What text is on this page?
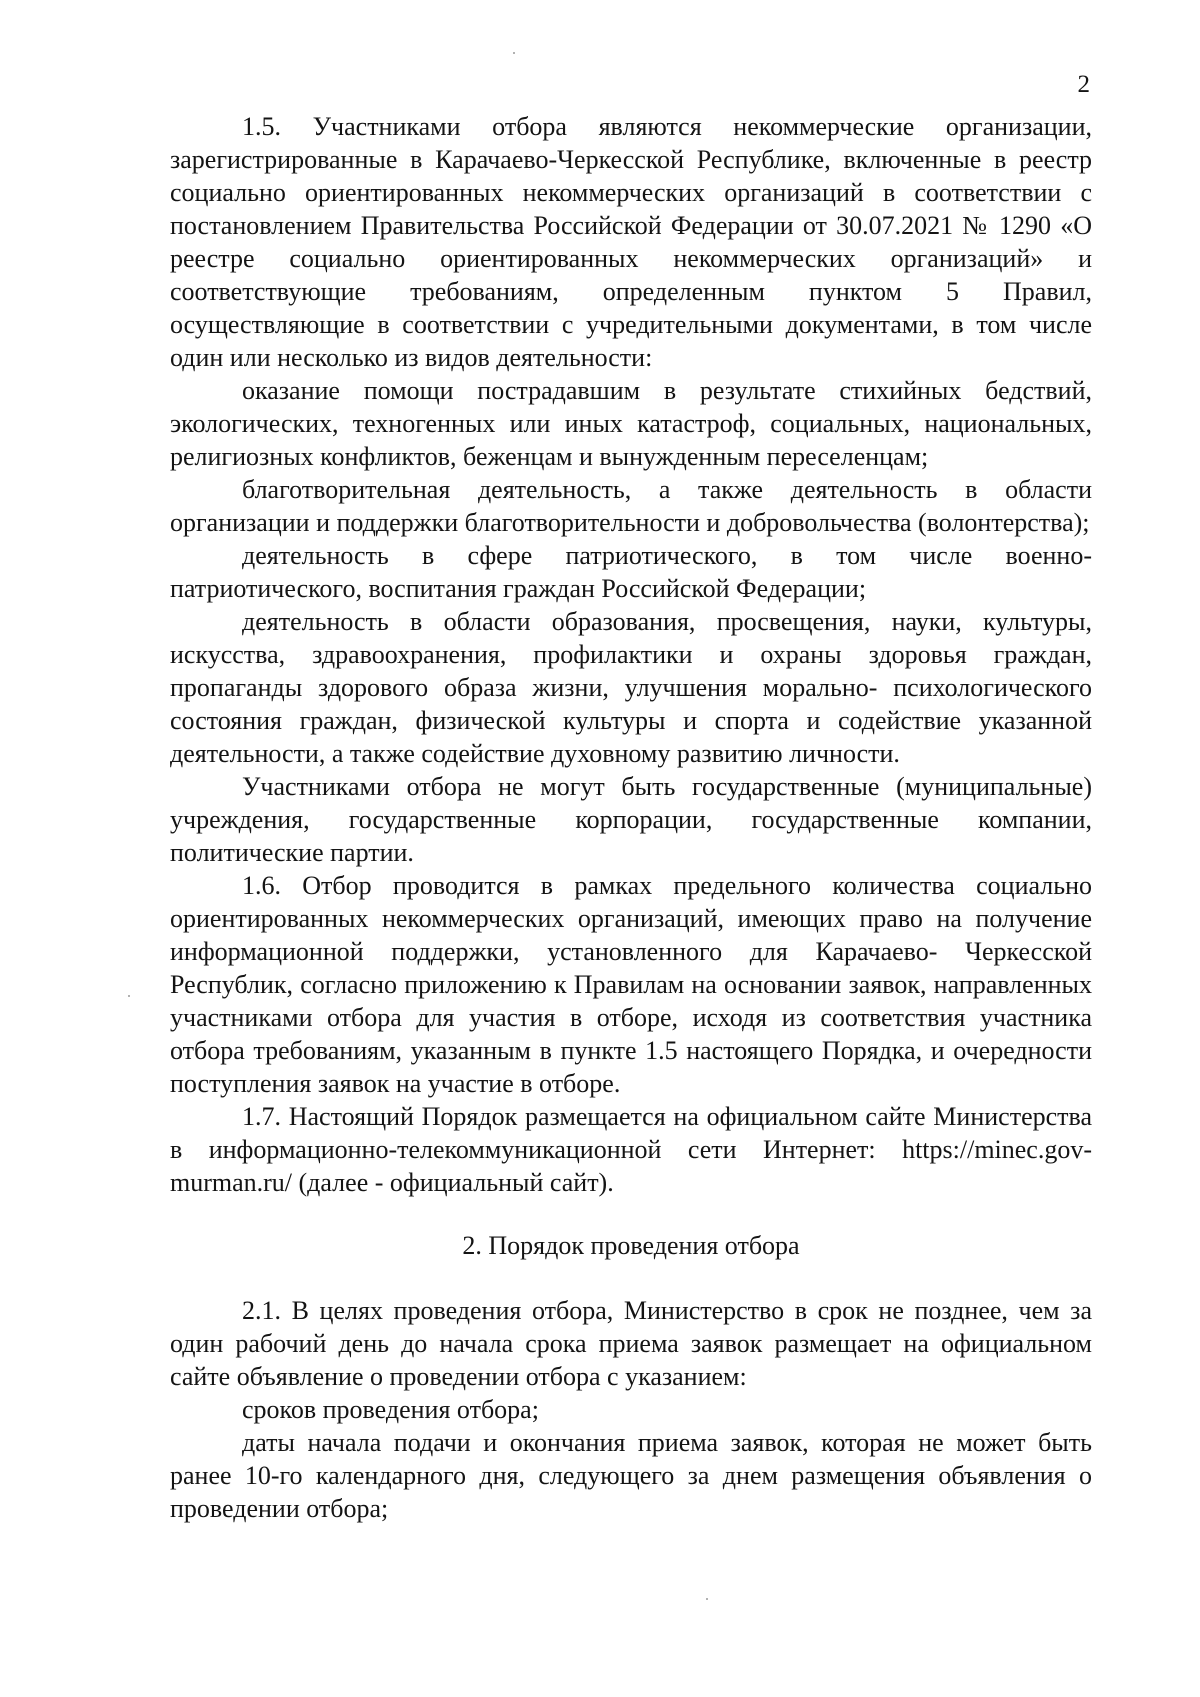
2

1.5. Участниками отбора являются некоммерческие организации, зарегистрированные в Карачаево-Черкесской Республике, включенные в реестр социально ориентированных некоммерческих организаций в соответствии с постановлением Правительства Российской Федерации от 30.07.2021 № 1290 «О реестре социально ориентированных некоммерческих организаций» и соответствующие требованиям, определенным пунктом 5 Правил, осуществляющие в соответствии с учредительными документами, в том числе один или несколько из видов деятельности:

оказание помощи пострадавшим в результате стихийных бедствий, экологических, техногенных или иных катастроф, социальных, национальных, религиозных конфликтов, беженцам и вынужденным переселенцам;

благотворительная деятельность, а также деятельность в области организации и поддержки благотворительности и добровольчества (волонтерства);

деятельность в сфере патриотического, в том числе военно- патриотического, воспитания граждан Российской Федерации;

деятельность в области образования, просвещения, науки, культуры, искусства, здравоохранения, профилактики и охраны здоровья граждан, пропаганды здорового образа жизни, улучшения морально- психологического состояния граждан, физической культуры и спорта и содействие указанной деятельности, а также содействие духовному развитию личности.

Участниками отбора не могут быть государственные (муниципальные) учреждения, государственные корпорации, государственные компании, политические партии.

1.6. Отбор проводится в рамках предельного количества социально ориентированных некоммерческих организаций, имеющих право на получение информационной поддержки, установленного для Карачаево- Черкесской Республик, согласно приложению к Правилам на основании заявок, направленных участниками отбора для участия в отборе, исходя из соответствия участника отбора требованиям, указанным в пункте 1.5 настоящего Порядка, и очередности поступления заявок на участие в отборе.

1.7. Настоящий Порядок размещается на официальном сайте Министерства в информационно-телекоммуникационной сети Интернет: https://minec.gov-murman.ru/ (далее - официальный сайт).

2. Порядок проведения отбора

2.1. В целях проведения отбора, Министерство в срок не позднее, чем за один рабочий день до начала срока приема заявок размещает на официальном сайте объявление о проведении отбора с указанием:

сроков проведения отбора;

даты начала подачи и окончания приема заявок, которая не может быть ранее 10-го календарного дня, следующего за днем размещения объявления о проведении отбора;
